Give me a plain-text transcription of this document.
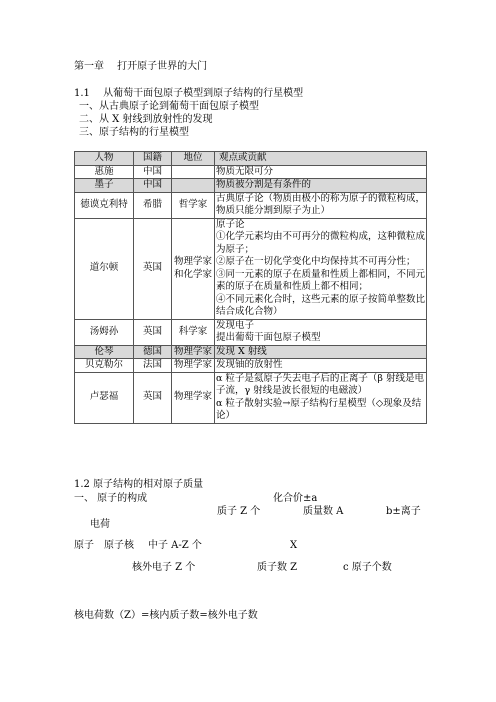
第一章　 打开原子世界的大门
1.1　 从葡萄干面包原子模型到原子结构的行星模型
一、从古典原子论到葡萄干面包原子模型
二、从 X 射线到放射性的发现
三、原子结构的行星模型
人物	国籍	地位	观点或贡献
惠施	中国		物质无限可分

墨子	中国		物质被分割是有条件的

德谟克利特	希腊	哲学家	古典原子论（物质由极小的称为原子的微粒构成，物质只能分割到原子为止）

道尔顿	英国	物理学家和化学家	原子论
①化学元素均由不可再分的微粒构成，这种微粒成为原子；
②原子在一切化学变化中均保持其不可再分性；
③同一元素的原子在质量和性质上都相同，不同元素的原子在质量和性质上都不相同；
④不同元素化合时，这些元素的原子按简单整数比结合成化合物）

汤姆孙	英国	科学家	发现电子
提出葡萄干面包原子模型

伦琴	德国	物理学家	发现 X 射线

贝克勒尔	法国	物理学家	发现铀的放射性

卢瑟福	英国	物理学家	α 粒子是氦原子失去电子后的正离子（β 射线是电子流，γ 射线是波长很短的电磁波）
α 粒子散射实验→原子结构行星模型（◇现象及结论）
1.2 原子结构的相对原子质量
一、 原子的构成	化合价±a
质子 Z 个	质量数 A	b±离子
电荷
原子 原子核 中子 A-Z 个	X
核外电子 Z 个	质子数 Z	c 原子个数
核电荷数（Z）=核内质子数=核外电子数
